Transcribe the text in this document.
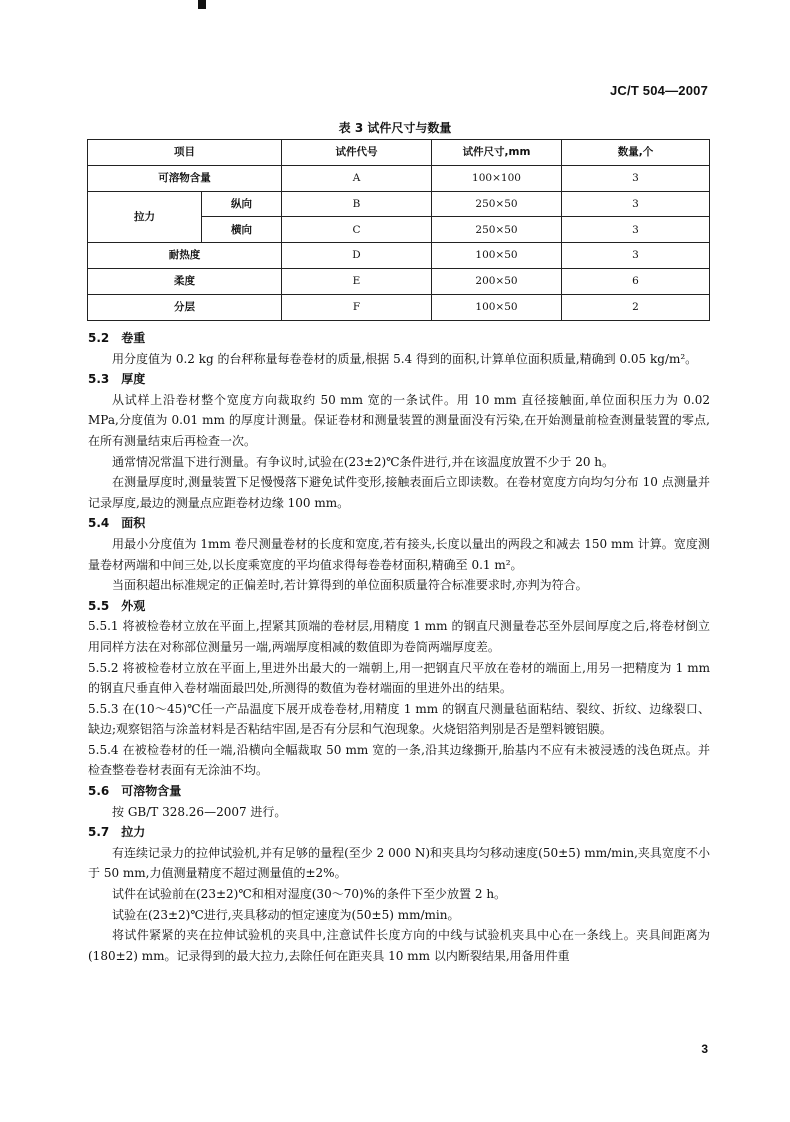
JC/T 504—2007
表 3 试件尺寸与数量
项目		试件代号	试件尺寸,mm	数量,个
可溶物含量		A	100×100	3
拉力	纵向	B	250×50	3
	横向	C	250×50	3
耐热度		D	100×50	3
柔度		E	200×50	6
分层		F	100×50	2

5.2 卷重

用分度值为 0.2 kg 的台秤称量每卷卷材的质量,根据 5.4 得到的面积,计算单位面积质量,精确到 0.05 kg/m²。

5.3 厚度

从试样上沿卷材整个宽度方向裁取约 50 mm 宽的一条试件。用 10 mm 直径接触面,单位面积压力为 0.02 MPa,分度值为 0.01 mm 的厚度计测量。保证卷材和测量装置的测量面没有污染,在开始测量前检查测量装置的零点,在所有测量结束后再检查一次。

通常情况常温下进行测量。有争议时,试验在(23±2)℃条件进行,并在该温度放置不少于 20 h。

在测量厚度时,测量装置下足慢慢落下避免试件变形,接触表面后立即读数。在卷材宽度方向均匀分布 10 点测量并记录厚度,最边的测量点应距卷材边缘 100 mm。

5.4 面积

用最小分度值为 1mm 卷尺测量卷材的长度和宽度,若有接头,长度以量出的两段之和减去 150 mm 计算。宽度测量卷材两端和中间三处,以长度乘宽度的平均值求得每卷卷材面积,精确至 0.1 m²。

当面积超出标准规定的正偏差时,若计算得到的单位面积质量符合标准要求时,亦判为符合。

5.5 外观

5.5.1 将被检卷材立放在平面上,捏紧其顶端的卷材层,用精度 1 mm 的钢直尺测量卷芯至外层间厚度之后,将卷材倒立用同样方法在对称部位测量另一端,两端厚度相减的数值即为卷筒两端厚度差。

5.5.2 将被检卷材立放在平面上,里进外出最大的一端朝上,用一把钢直尺平放在卷材的端面上,用另一把精度为 1 mm 的钢直尺垂直伸入卷材端面最凹处,所测得的数值为卷材端面的里进外出的结果。

5.5.3 在(10～45)℃任一产品温度下展开成卷卷材,用精度 1 mm 的钢直尺测量毡面粘结、裂纹、折纹、边缘裂口、缺边;观察铝箔与涂盖材料是否粘结牢固,是否有分层和气泡现象。火烧铝箔判别是否是塑料镀铝膜。

5.5.4 在被检卷材的任一端,沿横向全幅裁取 50 mm 宽的一条,沿其边缘撕开,胎基内不应有未被浸透的浅色斑点。并检查整卷卷材表面有无涂油不均。

5.6 可溶物含量

按 GB/T 328.26—2007 进行。

5.7 拉力

有连续记录力的拉伸试验机,并有足够的量程(至少 2 000 N)和夹具均匀移动速度(50±5) mm/min,夹具宽度不小于 50 mm,力值测量精度不超过测量值的±2%。

试件在试验前在(23±2)℃和相对湿度(30～70)%的条件下至少放置 2 h。

试验在(23±2)℃进行,夹具移动的恒定速度为(50±5) mm/min。

将试件紧紧的夹在拉伸试验机的夹具中,注意试件长度方向的中线与试验机夹具中心在一条线上。夹具间距离为(180±2) mm。记录得到的最大拉力,去除任何在距夹具 10 mm 以内断裂结果,用备用件重

3
